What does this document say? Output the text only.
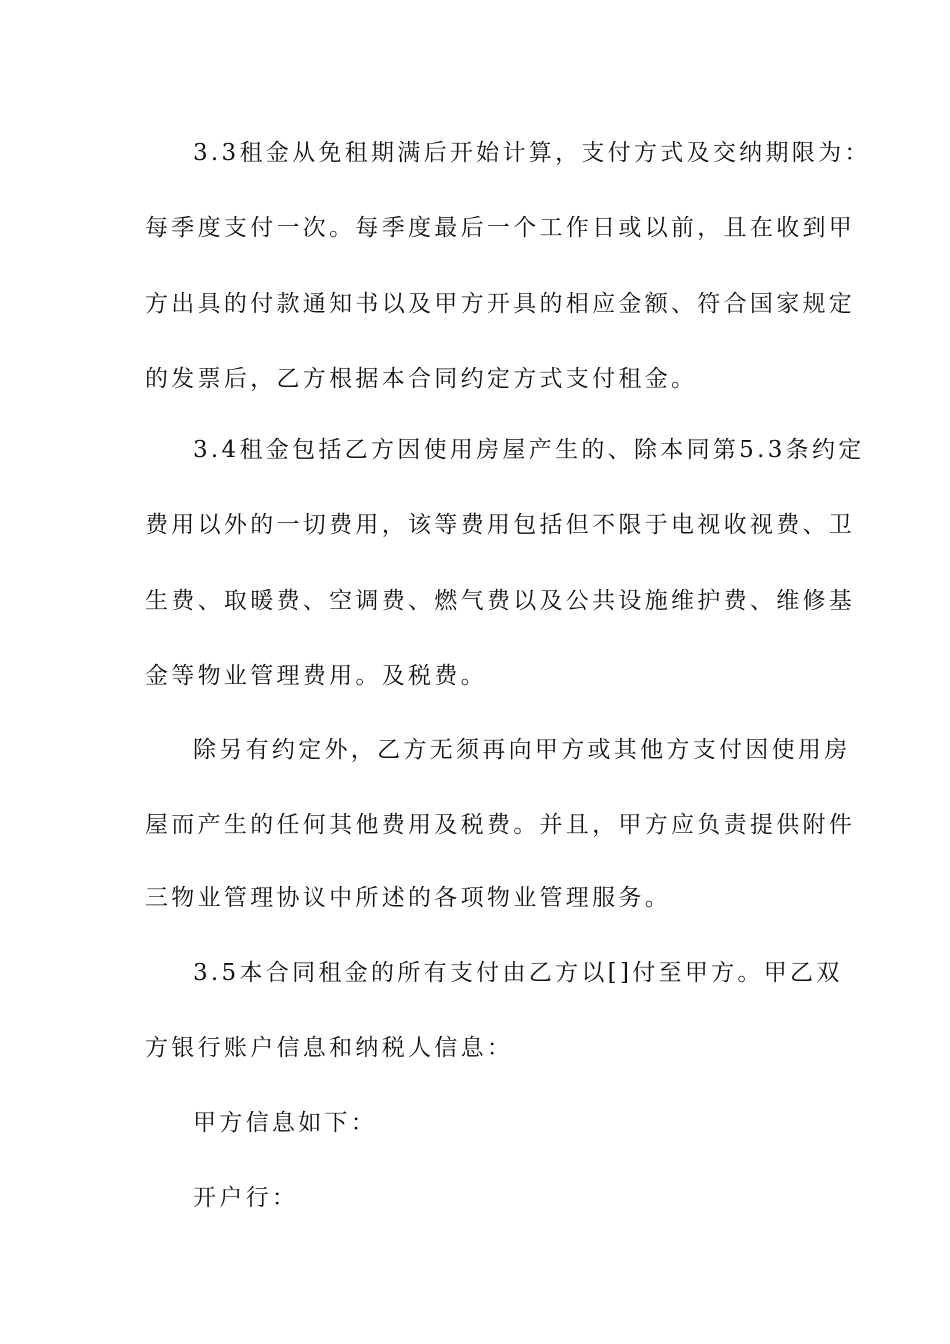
3.3租金从免租期满后开始计算，支付方式及交纳期限为：
每季度支付一次。每季度最后一个工作日或以前，且在收到甲
方出具的付款通知书以及甲方开具的相应金额、符合国家规定
的发票后，乙方根据本合同约定方式支付租金。
3.4租金包括乙方因使用房屋产生的、除本同第5.3条约定
费用以外的一切费用，该等费用包括但不限于电视收视费、卫
生费、取暖费、空调费、燃气费以及公共设施维护费、维修基
金等物业管理费用。及税费。
除另有约定外，乙方无须再向甲方或其他方支付因使用房
屋而产生的任何其他费用及税费。并且，甲方应负责提供附件
三物业管理协议中所述的各项物业管理服务。
3.5本合同租金的所有支付由乙方以[]付至甲方。甲乙双
方银行账户信息和纳税人信息：
甲方信息如下：
开户行：
